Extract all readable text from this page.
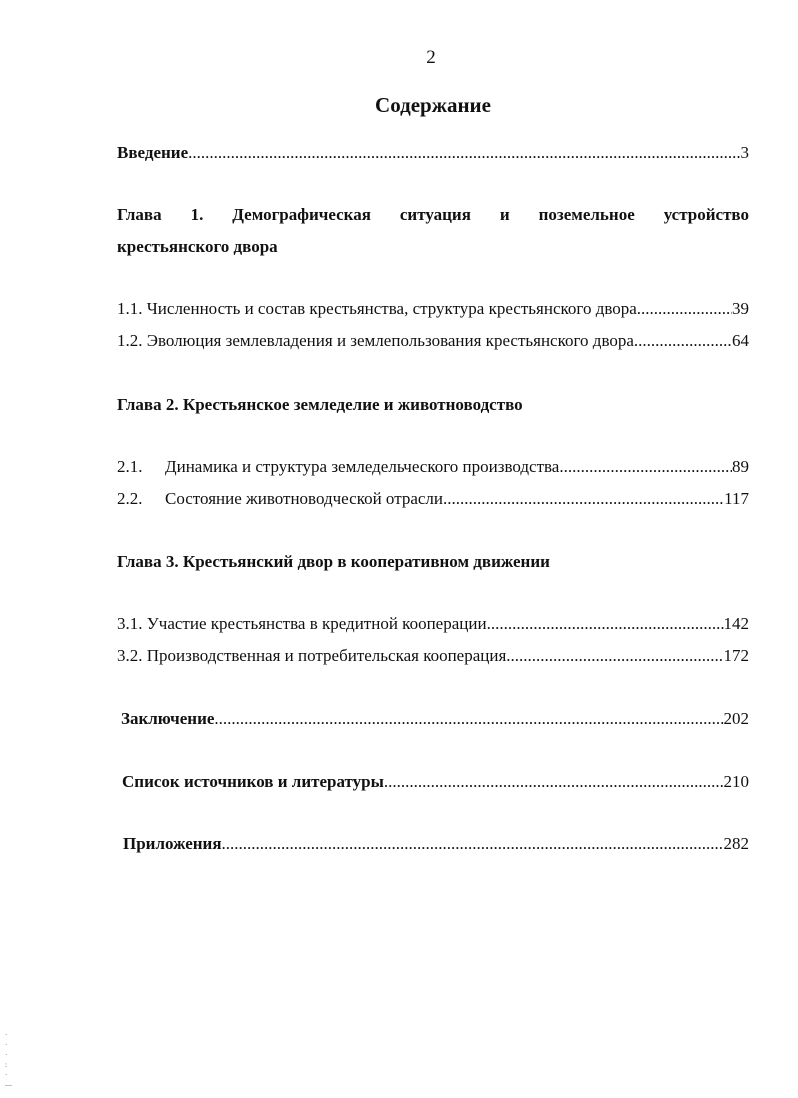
2
Содержание
Введение .....	3
Глава 1. Демографическая ситуация и поземельное устройство
крестьянского двора
1.1. Численность и состав крестьянства, структура крестьянского двора .....	39
1.2. Эволюция землевладения и землепользования крестьянского двора .....	64
Глава 2. Крестьянское земледелие и животноводство
2.1. Динамика и структура земледельческого производства .....	89
2.2. Состояние животноводческой отрасли .....	117
Глава 3. Крестьянский двор в кооперативном движении
3.1. Участие крестьянства в кредитной кооперации .....	142
3.2. Производственная и потребительская кооперация .....	172
Заключение .....	202
Список источников и литературы .....	210
Приложения .....	282
·
·
·
:
·
—
